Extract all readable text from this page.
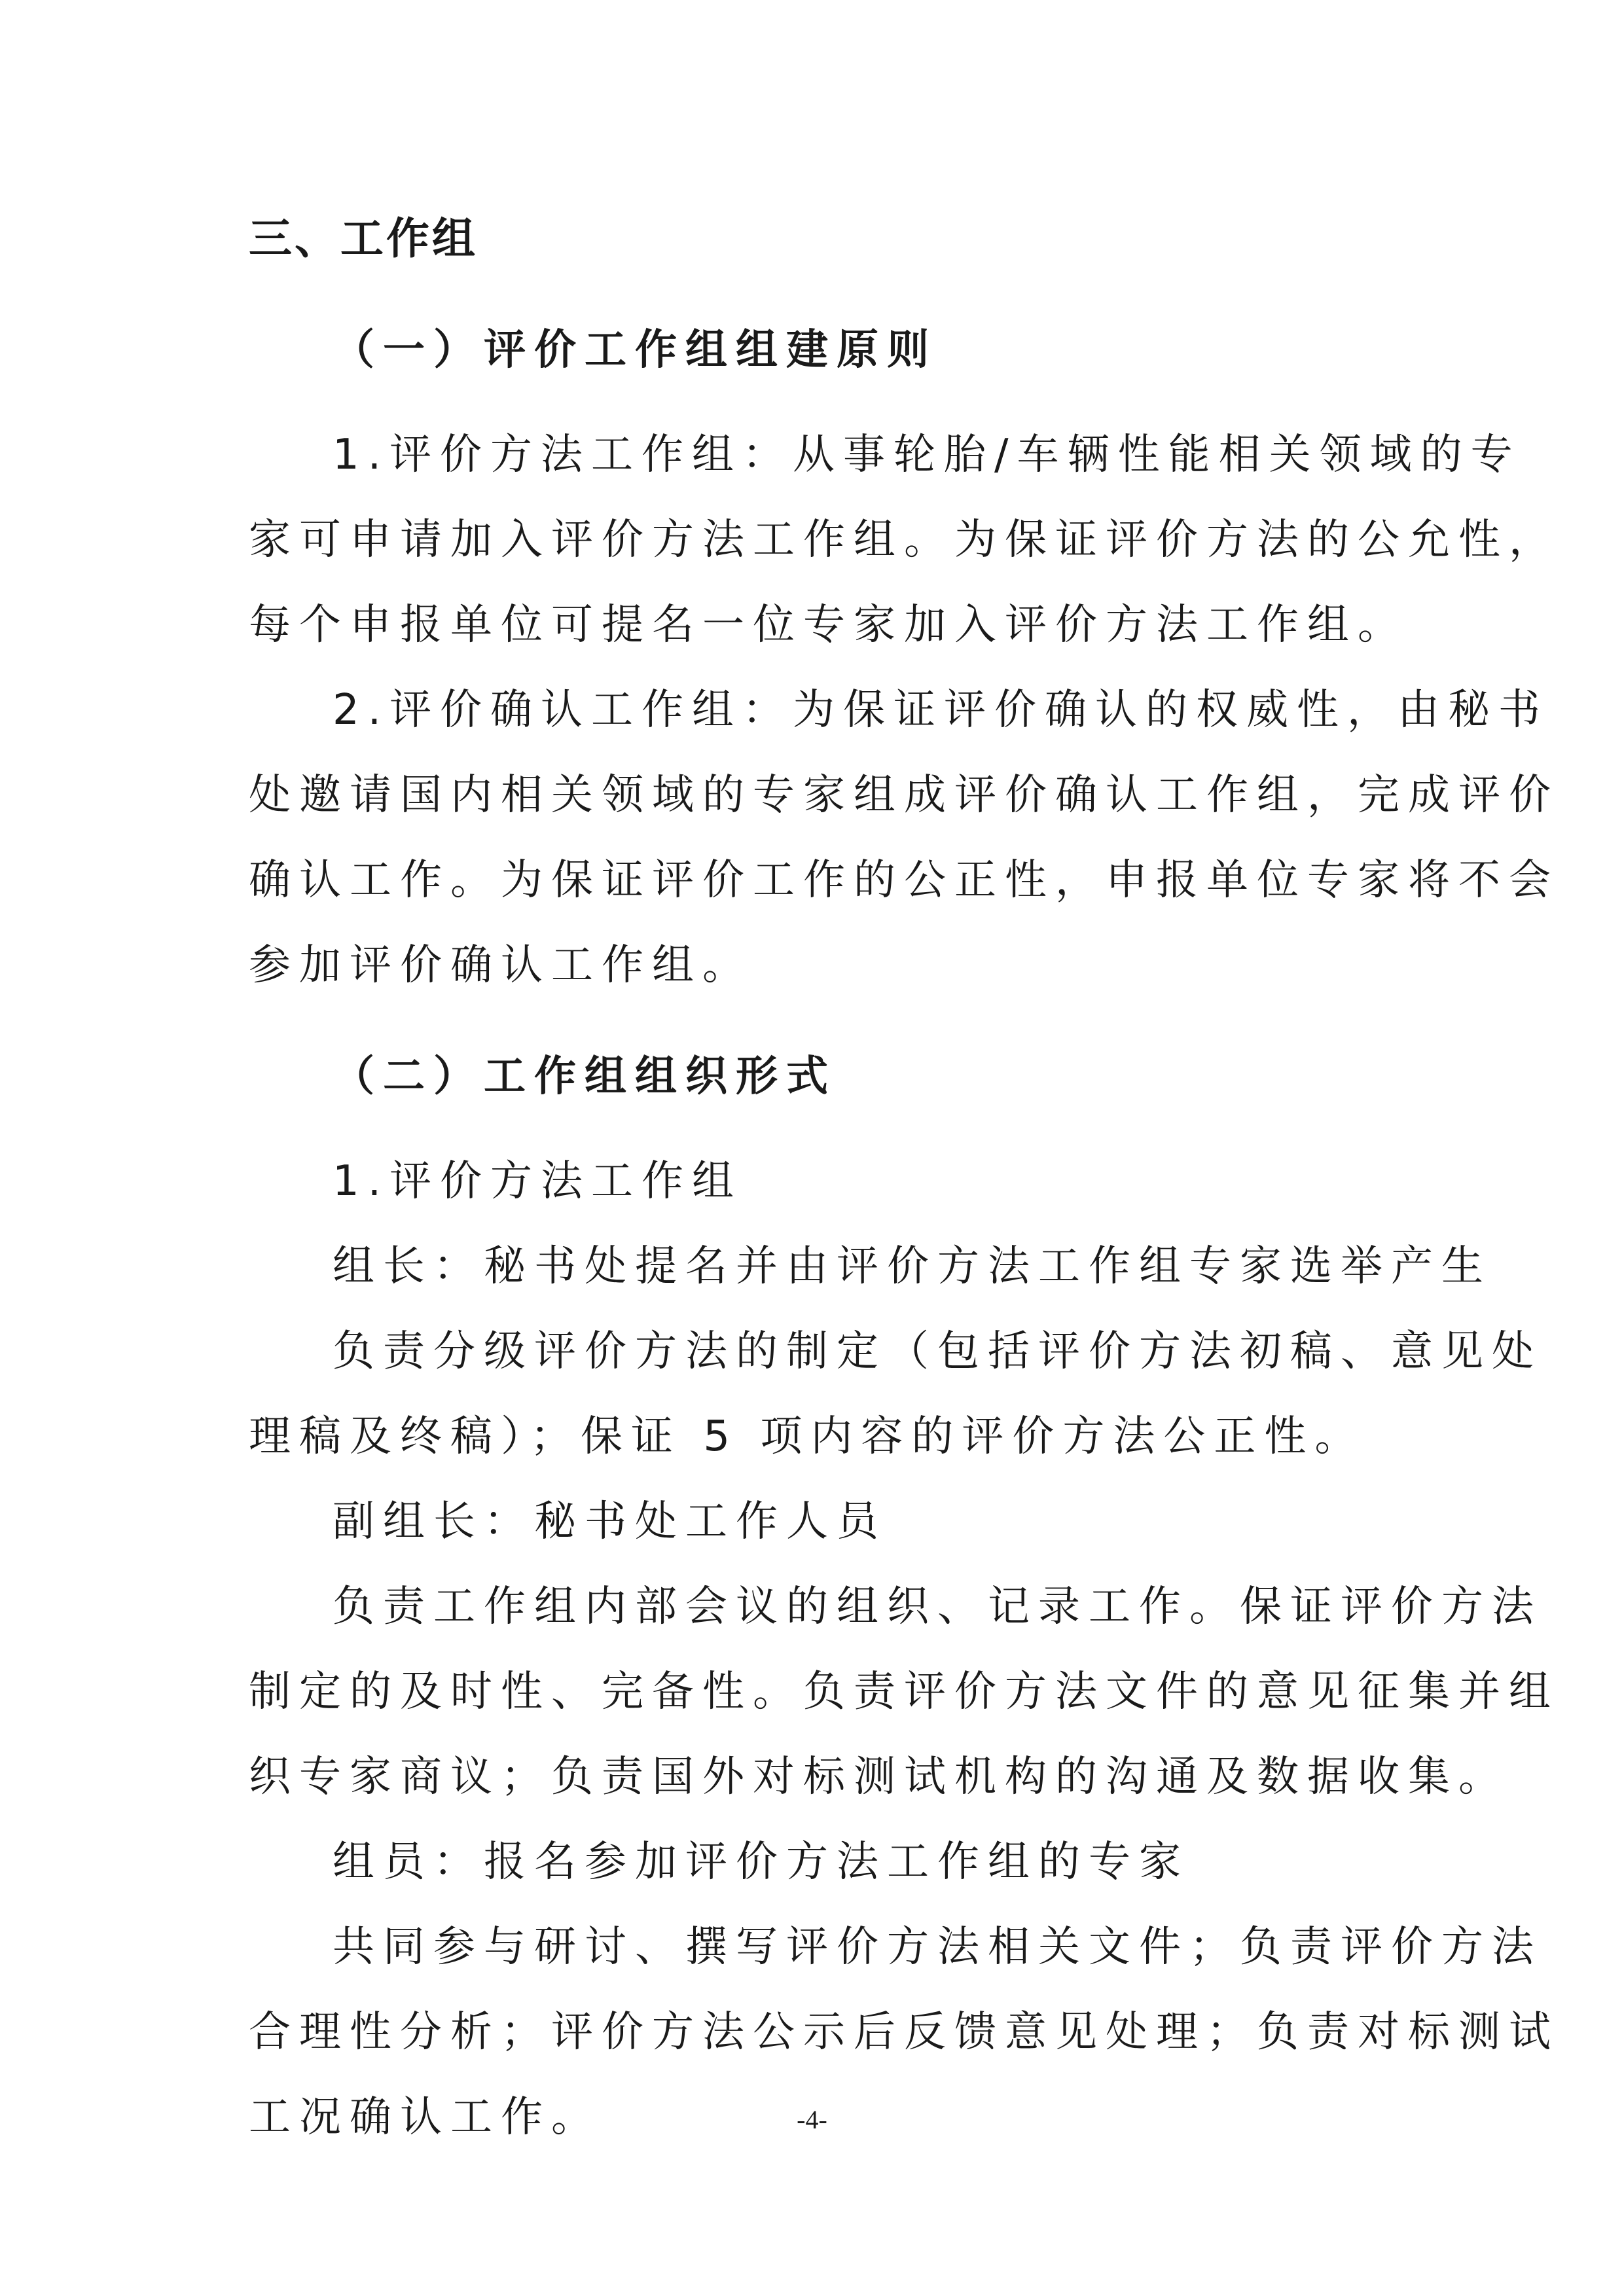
三、工作组
（一）评价工作组组建原则
1.评价方法工作组：从事轮胎/车辆性能相关领域的专
家可申请加入评价方法工作组。为保证评价方法的公允性，
每个申报单位可提名一位专家加入评价方法工作组。
2.评价确认工作组：为保证评价确认的权威性，由秘书
处邀请国内相关领域的专家组成评价确认工作组，完成评价
确认工作。为保证评价工作的公正性，申报单位专家将不会
参加评价确认工作组。
（二）工作组组织形式
1.评价方法工作组
组长：秘书处提名并由评价方法工作组专家选举产生
负责分级评价方法的制定（包括评价方法初稿、意见处
理稿及终稿）；保证 5 项内容的评价方法公正性。
副组长：秘书处工作人员
负责工作组内部会议的组织、记录工作。保证评价方法
制定的及时性、完备性。负责评价方法文件的意见征集并组
织专家商议；负责国外对标测试机构的沟通及数据收集。
组员：报名参加评价方法工作组的专家
共同参与研讨、撰写评价方法相关文件；负责评价方法
合理性分析；评价方法公示后反馈意见处理；负责对标测试
工况确认工作。	-4-
